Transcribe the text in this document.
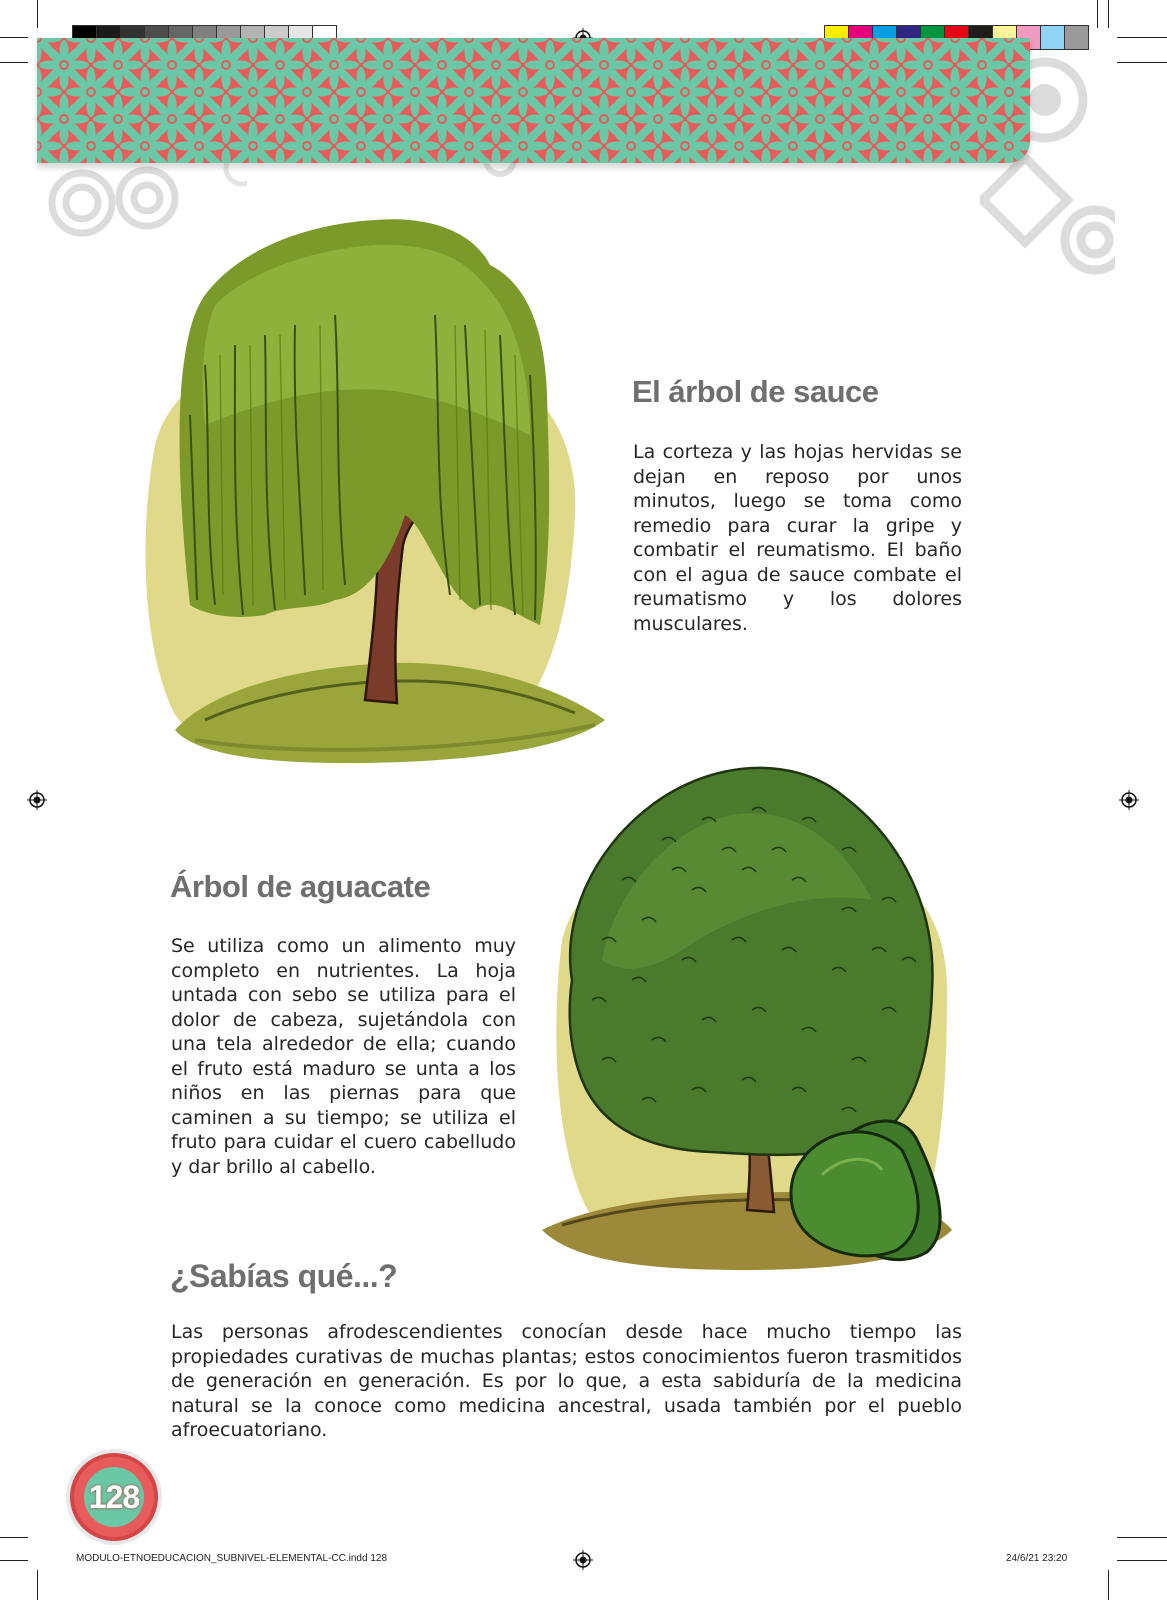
El árbol de sauce
La corteza y las hojas hervidas se dejan en reposo por unos minutos, luego se toma como remedio para curar la gripe y combatir el reumatismo. El baño con el agua de sauce combate el reumatismo y los dolores musculares.
Árbol de aguacate
Se utiliza como un alimento muy completo en nutrientes. La hoja untada con sebo se utiliza para el dolor de cabeza, sujetándola con una tela alrededor de ella; cuando el fruto está maduro se unta a los niños en las piernas para que caminen a su tiempo; se utiliza el fruto para cuidar el cuero cabelludo y dar brillo al cabello.
¿Sabías qué...?
Las personas afrodescendientes conocían desde hace mucho tiempo las propiedades curativas de muchas plantas; estos conocimientos fueron trasmitidos de generación en generación. Es por lo que, a esta sabiduría de la medicina natural se la conoce como medicina ancestral, usada también por el pueblo afroecuatoriano.
128
MODULO-ETNOEDUCACION_SUBNIVEL-ELEMENTAL-CC.indd 128	24/6/21 23:20
